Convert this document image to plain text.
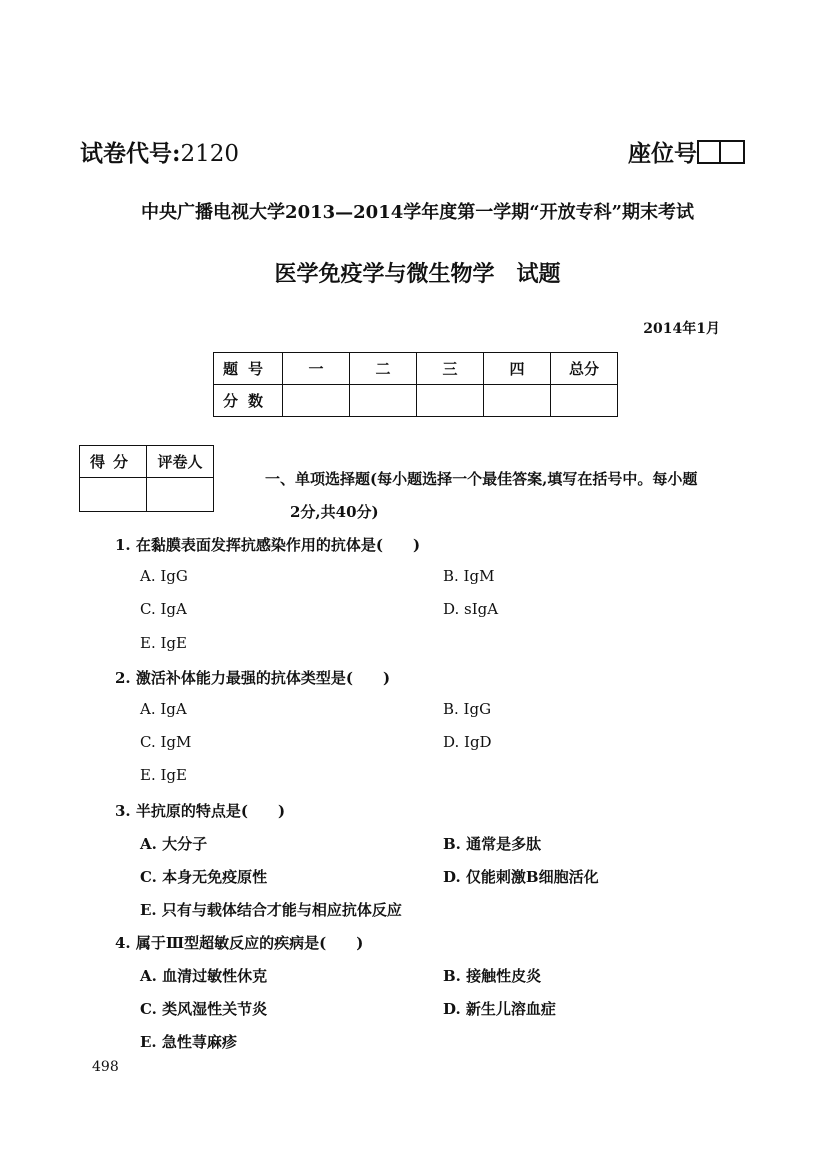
试卷代号:2120	座位号
中央广播电视大学2013—2014学年度第一学期“开放专科”期末考试
医学免疫学与微生物学　试题
2014年1月
题号	一	二	三	四	总分
分数					
得分	评卷人

一、单项选择题(每小题选择一个最佳答案,填写在括号中。每小题
2分,共40分)
1. 在黏膜表面发挥抗感染作用的抗体是(　　)
A. IgG	B. IgM
C. IgA	D. sIgA
E. IgE
2. 激活补体能力最强的抗体类型是(　　)
A. IgA	B. IgG
C. IgM	D. IgD
E. IgE
3. 半抗原的特点是(　　)
A. 大分子	B. 通常是多肽
C. 本身无免疫原性	D. 仅能刺激B细胞活化
E. 只有与载体结合才能与相应抗体反应
4. 属于Ⅲ型超敏反应的疾病是(　　)
A. 血清过敏性休克	B. 接触性皮炎
C. 类风湿性关节炎	D. 新生儿溶血症
E. 急性荨麻疹
498
